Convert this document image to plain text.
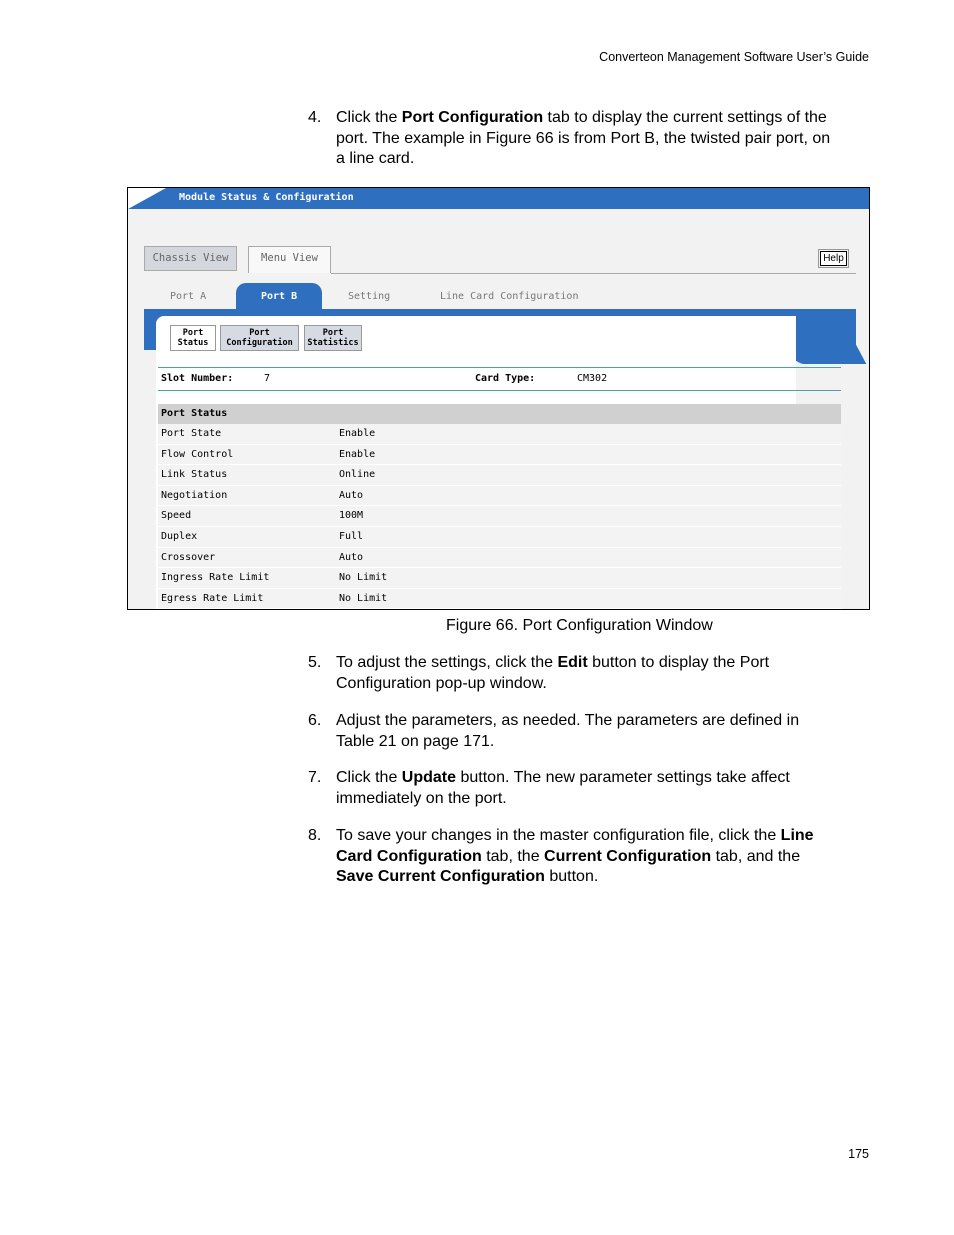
Converteon Management Software User’s Guide
4. Click the Port Configuration tab to display the current settings of the
port. The example in Figure 66 is from Port B, the twisted pair port, on
a line card.
Module Status & Configuration
Chassis View	Menu View	Help
Port A	Port B	Setting	Line Card Configuration
Port
Status
Port
Configuration
Port
Statistics
Slot Number:	7	Card Type:	CM302
Port Status
Port State	Enable
Flow Control	Enable
Link Status	Online
Negotiation	Auto
Speed	100M
Duplex	Full
Crossover	Auto
Ingress Rate Limit	No Limit
Egress Rate Limit	No Limit
Figure 66. Port Configuration Window
5. To adjust the settings, click the Edit button to display the Port
Configuration pop-up window.
6. Adjust the parameters, as needed. The parameters are defined in
Table 21 on page 171.
7. Click the Update button. The new parameter settings take affect
immediately on the port.
8. To save your changes in the master configuration file, click the Line
Card Configuration tab, the Current Configuration tab, and the
Save Current Configuration button.
175
